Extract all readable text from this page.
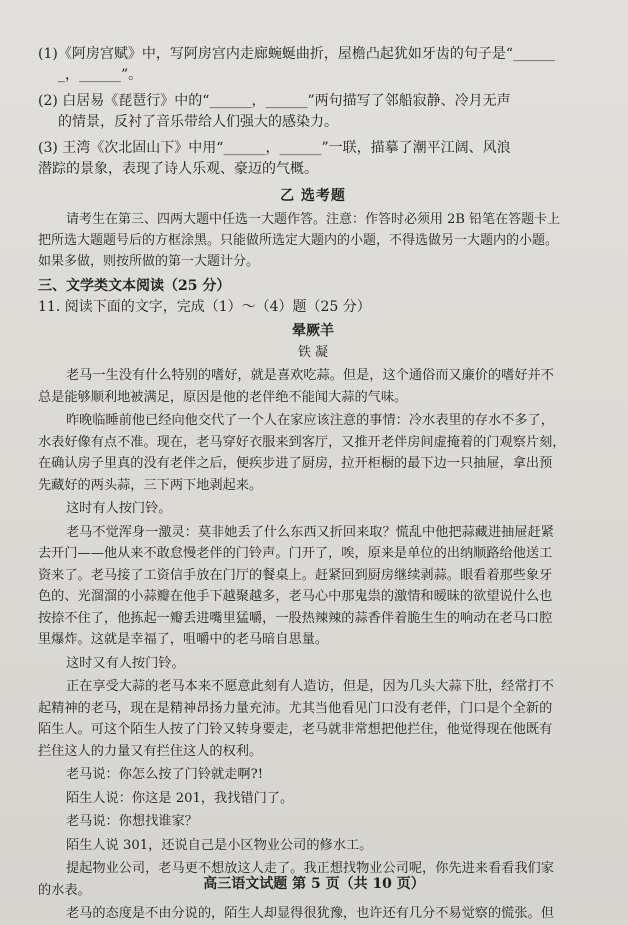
(1)《阿房宫赋》中，写阿房宫内走廊蜿蜒曲折，屋檐凸起犹如牙齿的句子是“______
_，______”。
(2) 白居易《琵琶行》中的“______，______”两句描写了邻船寂静、冷月无声
的情景，反衬了音乐带给人们强大的感染力。
(3) 王湾《次北固山下》中用“______，______”一联，描摹了潮平江阔、风浪
潜踪的景象，表现了诗人乐观、豪迈的气概。
乙 选考题
请考生在第三、四两大题中任选一大题作答。注意：作答时必须用 2B 铅笔在答题卡上
把所选大题题号后的方框涂黑。只能做所选定大题内的小题，不得选做另一大题内的小题。
如果多做，则按所做的第一大题计分。
三、文学类文本阅读（25 分）
11. 阅读下面的文字，完成（1）～（4）题（25 分）
晕厥羊
铁 凝
老马一生没有什么特别的嗜好，就是喜欢吃蒜。但是，这个通俗而又廉价的嗜好并不
总是能够顺利地被满足，原因是他的老伴绝不能闻大蒜的气味。
昨晚临睡前他已经向他交代了一个人在家应该注意的事情：冷水表里的存水不多了，
水表好像有点不准。现在，老马穿好衣服来到客厅，又推开老伴房间虚掩着的门观察片刻，
在确认房子里真的没有老伴之后，便疾步进了厨房，拉开柜橱的最下边一只抽屉，拿出预
先藏好的两头蒜，三下两下地剥起来。
这时有人按门铃。
老马不觉浑身一激灵：莫非她丢了什么东西又折回来取？慌乱中他把蒜藏进抽屉赶紧
去开门——他从来不敢怠慢老伴的门铃声。门开了，唉，原来是单位的出纳顺路给他送工
资来了。老马接了工资信手放在门厅的餐桌上。赶紧回到厨房继续剥蒜。眼看着那些象牙
色的、光溜溜的小蒜瓣在他手下越聚越多，老马心中那鬼祟的激情和暧昧的欲望说什么也
按捺不住了，他拣起一瓣丢进嘴里猛嚼，一股热辣辣的蒜香伴着脆生生的响动在老马口腔
里爆炸。这就是幸福了，咀嚼中的老马暗自思量。
这时又有人按门铃。
正在享受大蒜的老马本来不愿意此刻有人造访，但是，因为几头大蒜下肚，经常打不
起精神的老马，现在是精神昂扬力量充沛。尤其当他看见门口没有老伴，门口是个全新的
陌生人。可这个陌生人按了门铃又转身要走，老马就非常想把他拦住，他觉得现在他既有
拦住这人的力量又有拦住这人的权利。
老马说：你怎么按了门铃就走啊?!
陌生人说：你这是 201，我找错门了。
老马说：你想找谁家？
陌生人说 301，还说自己是小区物业公司的修水工。
提起物业公司，老马更不想放这人走了。我正想找物业公司呢，你先进来看看我们家
的水表。
老马的态度是不由分说的，陌生人却显得很犹豫，也许还有几分不易觉察的慌张。但
高三语文试题 第 5 页（共 10 页）
